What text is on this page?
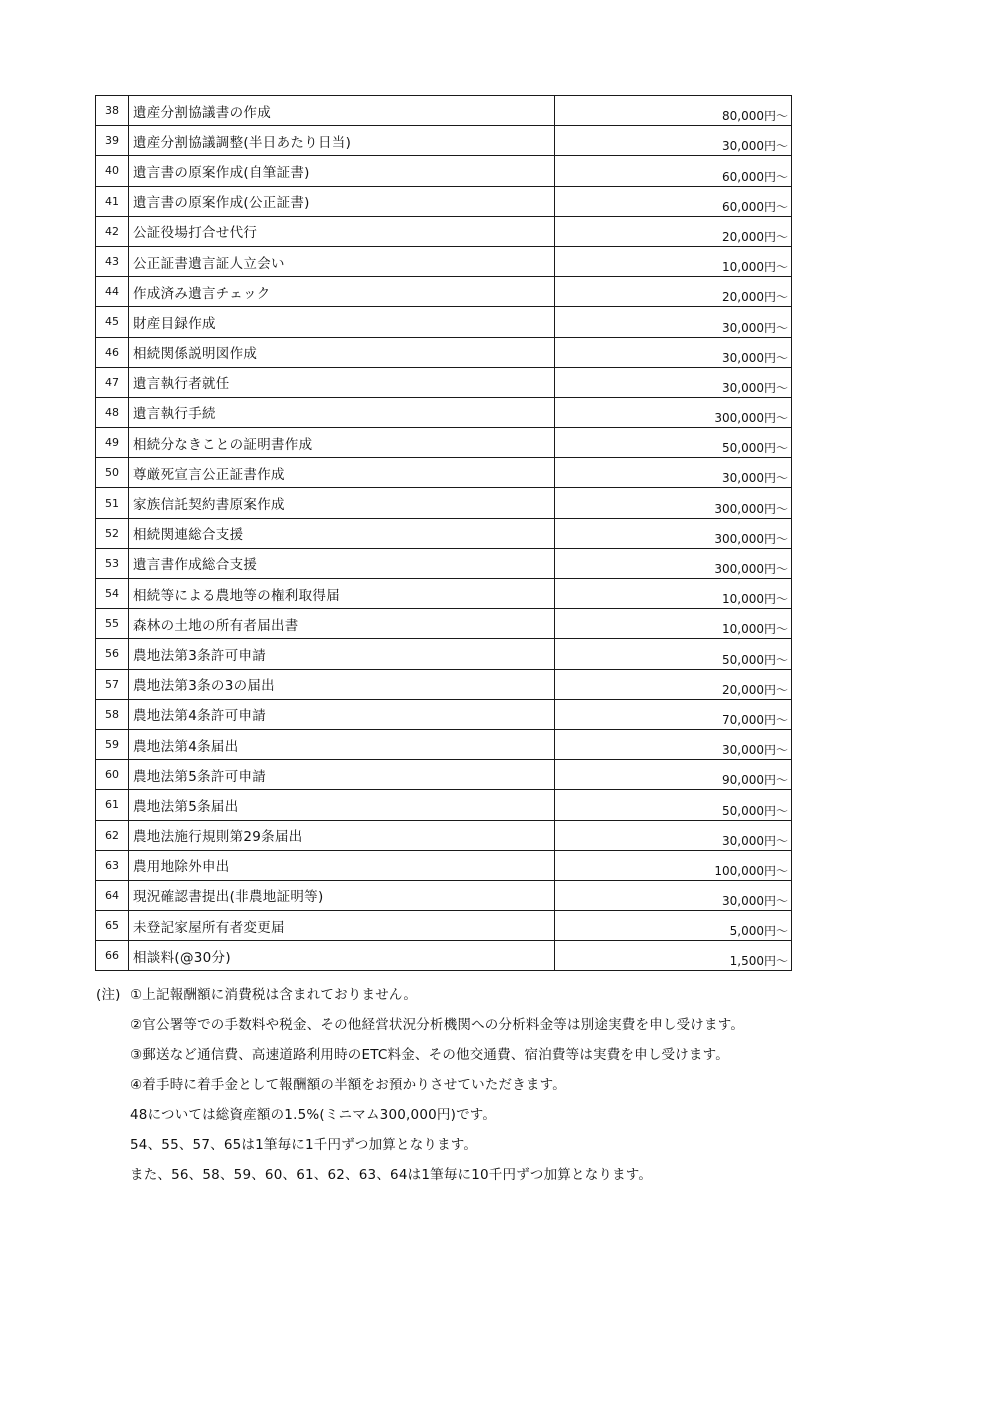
38	遺産分割協議書の作成	80,000円～
39	遺産分割協議調整(半日あたり日当)	30,000円～
40	遺言書の原案作成(自筆証書)	60,000円～
41	遺言書の原案作成(公正証書)	60,000円～
42	公証役場打合せ代行	20,000円～
43	公正証書遺言証人立会い	10,000円～
44	作成済み遺言チェック	20,000円～
45	財産目録作成	30,000円～
46	相続関係説明図作成	30,000円～
47	遺言執行者就任	30,000円～
48	遺言執行手続	300,000円～
49	相続分なきことの証明書作成	50,000円～
50	尊厳死宣言公正証書作成	30,000円～
51	家族信託契約書原案作成	300,000円～
52	相続関連総合支援	300,000円～
53	遺言書作成総合支援	300,000円～
54	相続等による農地等の権利取得届	10,000円～
55	森林の土地の所有者届出書	10,000円～
56	農地法第3条許可申請	50,000円～
57	農地法第3条の3の届出	20,000円～
58	農地法第4条許可申請	70,000円～
59	農地法第4条届出	30,000円～
60	農地法第5条許可申請	90,000円～
61	農地法第5条届出	50,000円～
62	農地法施行規則第29条届出	30,000円～
63	農用地除外申出	100,000円～
64	現況確認書提出(非農地証明等)	30,000円～
65	未登記家屋所有者変更届	5,000円～
66	相談料(@30分)	1,500円～
(注) ①上記報酬額に消費税は含まれておりません。
②官公署等での手数料や税金、その他経営状況分析機関への分析料金等は別途実費を申し受けます。
③郵送など通信費、高速道路利用時のETC料金、その他交通費、宿泊費等は実費を申し受けます。
④着手時に着手金として報酬額の半額をお預かりさせていただきます。
48については総資産額の1.5%(ミニマム300,000円)です。
54、55、57、65は1筆毎に1千円ずつ加算となります。
また、56、58、59、60、61、62、63、64は1筆毎に10千円ずつ加算となります。
